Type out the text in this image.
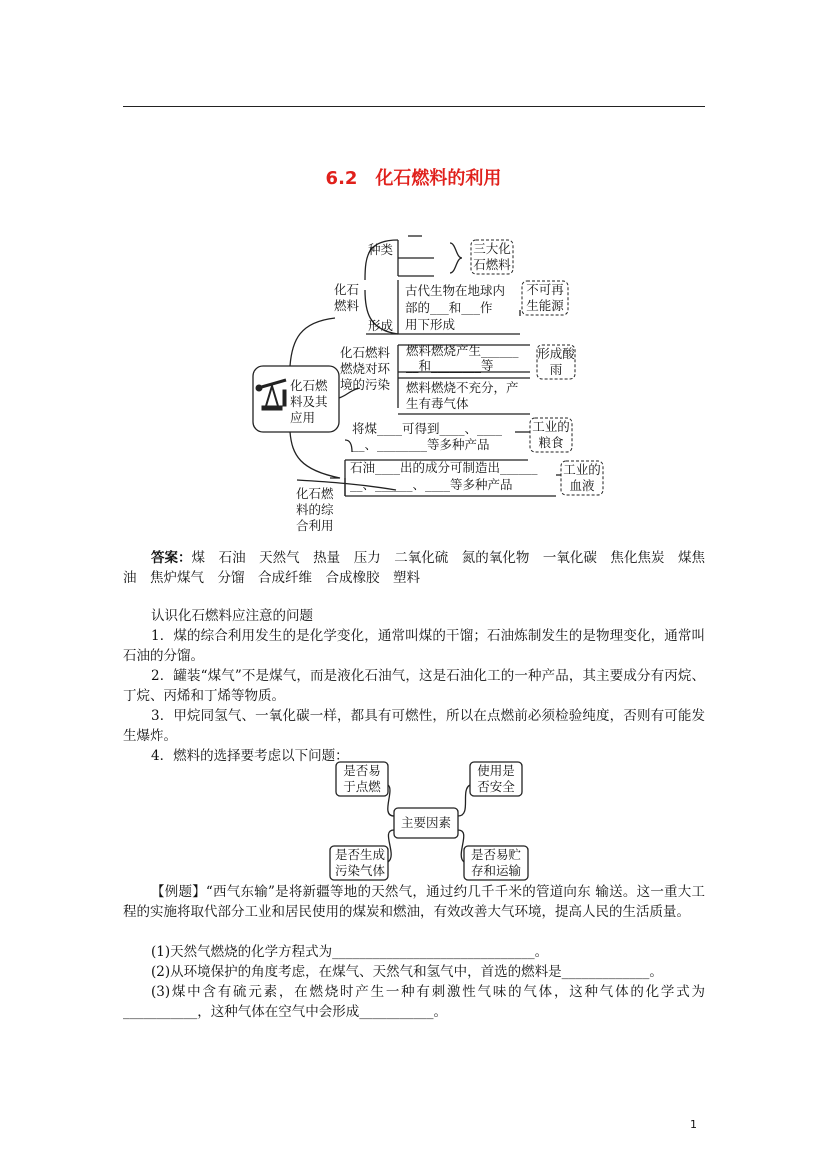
6.2　化石燃料的利用
化石燃料及其应用
化石燃料
种类	三大化石燃料
形成
古代生物在地球内
部的___和___作
用下形成
不可再生能源
化石燃料燃烧对环境的污染
燃料燃烧产生______
__和________等
形成酸雨
燃料燃烧不充分，产
生有毒气体
化石燃料的综合利用
将煤____可得到____、____
__、________等多种产品
工业的粮食
石油____出的成分可制造出______
__、______、____等多种产品
工业的血液
答案：煤　石油　天然气　热量　压力　二氧化硫　氮的氧化物　一氧化碳　焦化焦炭　煤焦油　焦炉煤气　分馏　合成纤维　合成橡胶　塑料
认识化石燃料应注意的问题
1．煤的综合利用发生的是化学变化，通常叫煤的干馏；石油炼制发生的是物理变化，通常叫石油的分馏。
2．罐装“煤气”不是煤气，而是液化石油气，这是石油化工的一种产品，其主要成分有丙烷、丁烷、丙烯和丁烯等物质。
3．甲烷同氢气、一氧化碳一样，都具有可燃性，所以在点燃前必须检验纯度，否则有可能发生爆炸。
4．燃料的选择要考虑以下问题：
主要因素
是否易于点燃
使用是否安全
是否生成污染气体
是否易贮存和运输
【例题】“西气东输”是将新疆等地的天然气，通过约几千千米的管道向东 输送。这一重大工程的实施将取代部分工业和居民使用的煤炭和燃油，有效改善大气环境，提高人民的生活质量。
(1)天然气燃烧的化学方程式为______________________________。
(2)从环境保护的角度考虑，在煤气、天然气和氢气中，首选的燃料是_____________。
(3)煤中含有硫元素，在燃烧时产生一种有刺激性气味的气体，这种气体的化学式为___________，这种气体在空气中会形成___________。
1
